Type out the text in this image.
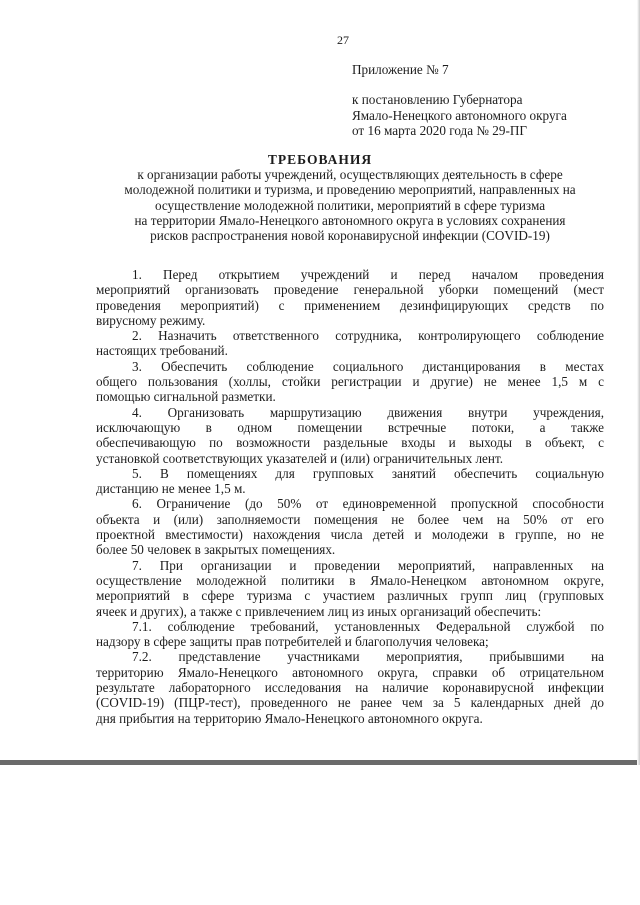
27
Приложение № 7
к постановлению Губернатора
Ямало-Ненецкого автономного округа
от 16 марта 2020 года № 29-ПГ
ТРЕБОВАНИЯ
к организации работы учреждений, осуществляющих деятельность в сфере
молодежной политики и туризма, и проведению мероприятий, направленных на
осуществление молодежной политики, мероприятий в сфере туризма
на территории Ямало-Ненецкого автономного округа в условиях сохранения
рисков распространения новой коронавирусной инфекции (COVID-19)
1. Перед открытием учреждений и перед началом проведения
мероприятий организовать проведение генеральной уборки помещений (мест
проведения мероприятий) с применением дезинфицирующих средств по
вирусному режиму.
2. Назначить ответственного сотрудника, контролирующего соблюдение
настоящих требований.
3. Обеспечить соблюдение социального дистанцирования в местах
общего пользования (холлы, стойки регистрации и другие) не менее 1,5 м с
помощью сигнальной разметки.
4. Организовать маршрутизацию движения внутри учреждения,
исключающую в одном помещении встречные потоки, а также
обеспечивающую по возможности раздельные входы и выходы в объект, с
установкой соответствующих указателей и (или) ограничительных лент.
5. В помещениях для групповых занятий обеспечить социальную
дистанцию не менее 1,5 м.
6. Ограничение (до 50% от единовременной пропускной способности
объекта и (или) заполняемости помещения не более чем на 50% от его
проектной вместимости) нахождения числа детей и молодежи в группе, но не
более 50 человек в закрытых помещениях.
7. При организации и проведении мероприятий, направленных на
осуществление молодежной политики в Ямало-Ненецком автономном округе,
мероприятий в сфере туризма с участием различных групп лиц (групповых
ячеек и других), а также с привлечением лиц из иных организаций обеспечить:
7.1. соблюдение требований, установленных Федеральной службой по
надзору в сфере защиты прав потребителей и благополучия человека;
7.2. представление участниками мероприятия, прибывшими на
территорию Ямало-Ненецкого автономного округа, справки об отрицательном
результате лабораторного исследования на наличие коронавирусной инфекции
(COVID-19) (ПЦР-тест), проведенного не ранее чем за 5 календарных дней до
дня прибытия на территорию Ямало-Ненецкого автономного округа.
